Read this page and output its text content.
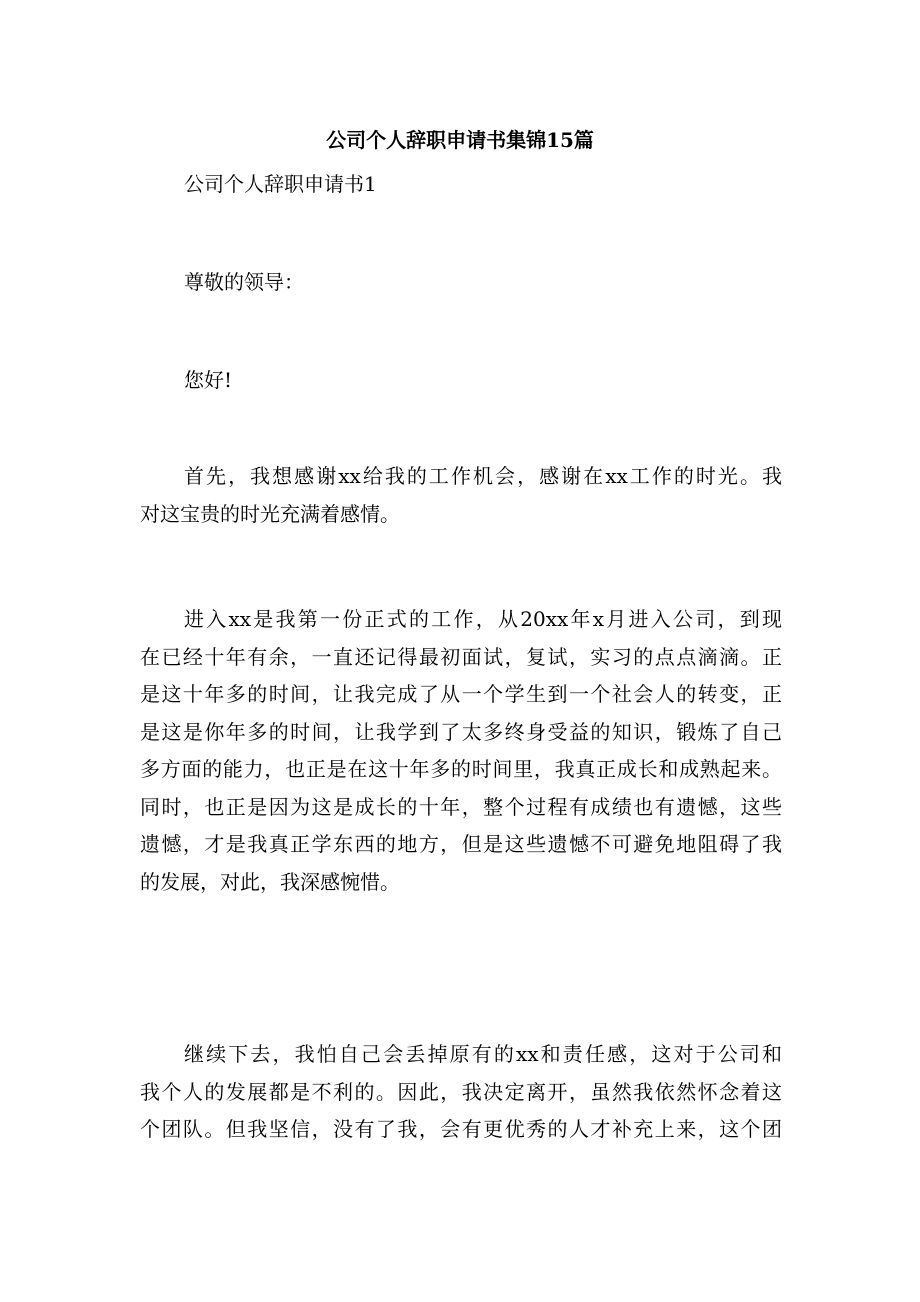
公司个人辞职申请书集锦15篇
公司个人辞职申请书1
尊敬的领导：
您好!
首先，我想感谢xx给我的工作机会，感谢在xx工作的时光。我
对这宝贵的时光充满着感情。
进入xx是我第一份正式的工作，从20xx年x月进入公司，到现
在已经十年有余，一直还记得最初面试，复试，实习的点点滴滴。正
是这十年多的时间，让我完成了从一个学生到一个社会人的转变，正
是这是你年多的时间，让我学到了太多终身受益的知识，锻炼了自己
多方面的能力，也正是在这十年多的时间里，我真正成长和成熟起来。
同时，也正是因为这是成长的十年，整个过程有成绩也有遗憾，这些
遗憾，才是我真正学东西的地方，但是这些遗憾不可避免地阻碍了我
的发展，对此，我深感惋惜。
继续下去，我怕自己会丢掉原有的xx和责任感，这对于公司和
我个人的发展都是不利的。因此，我决定离开，虽然我依然怀念着这
个团队。但我坚信，没有了我，会有更优秀的人才补充上来，这个团
